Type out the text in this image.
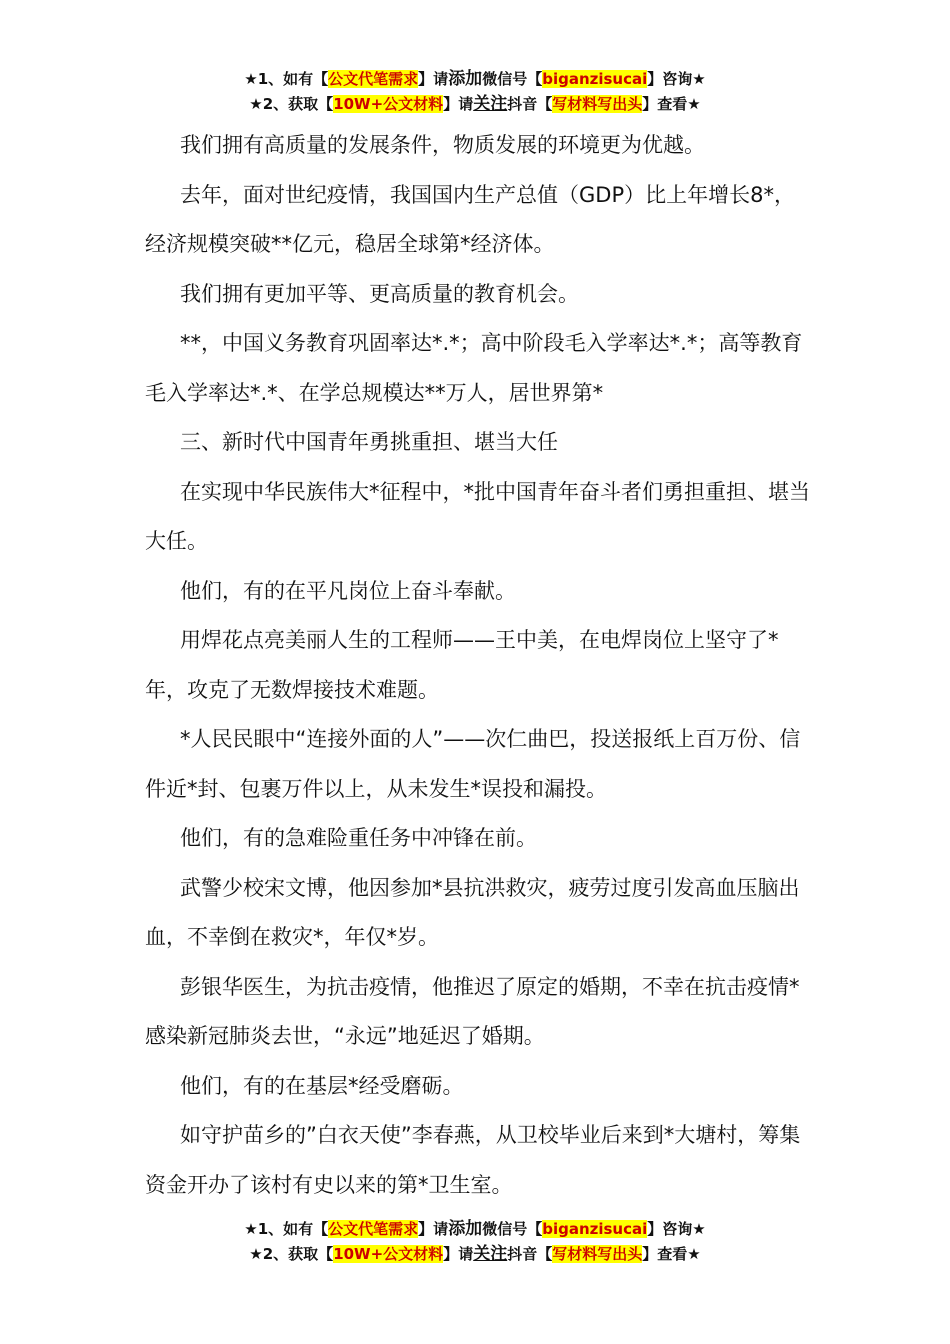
★1、如有【公文代笔需求】请添加微信号【biganzisucai】咨询★
★2、获取【10W+公文材料】请关注抖音【写材料写出头】查看★

我们拥有高质量的发展条件，物质发展的环境更为优越。

去年，面对世纪疫情，我国国内生产总值（GDP）比上年增长8*，经济规模突破**亿元，稳居全球第*经济体。

我们拥有更加平等、更高质量的教育机会。

**，中国义务教育巩固率达*.*；高中阶段毛入学率达*.*；高等教育毛入学率达*.*、在学总规模达**万人，居世界第*

三、新时代中国青年勇挑重担、堪当大任

在实现中华民族伟大*征程中，*批中国青年奋斗者们勇担重担、堪当大任。

他们，有的在平凡岗位上奋斗奉献。

用焊花点亮美丽人生的工程师——王中美，在电焊岗位上坚守了*年，攻克了无数焊接技术难题。

*人民民眼中“连接外面的人”——次仁曲巴，投送报纸上百万份、信件近*封、包裹万件以上，从未发生*误投和漏投。

他们，有的急难险重任务中冲锋在前。

武警少校宋文博，他因参加*县抗洪救灾，疲劳过度引发高血压脑出血，不幸倒在救灾*，年仅*岁。

彭银华医生，为抗击疫情，他推迟了原定的婚期，不幸在抗击疫情*感染新冠肺炎去世，“永远”地延迟了婚期。

他们，有的在基层*经受磨砺。

如守护苗乡的”白衣天使”李春燕，从卫校毕业后来到*大塘村，筹集资金开办了该村有史以来的第*卫生室。

★1、如有【公文代笔需求】请添加微信号【biganzisucai】咨询★
★2、获取【10W+公文材料】请关注抖音【写材料写出头】查看★
